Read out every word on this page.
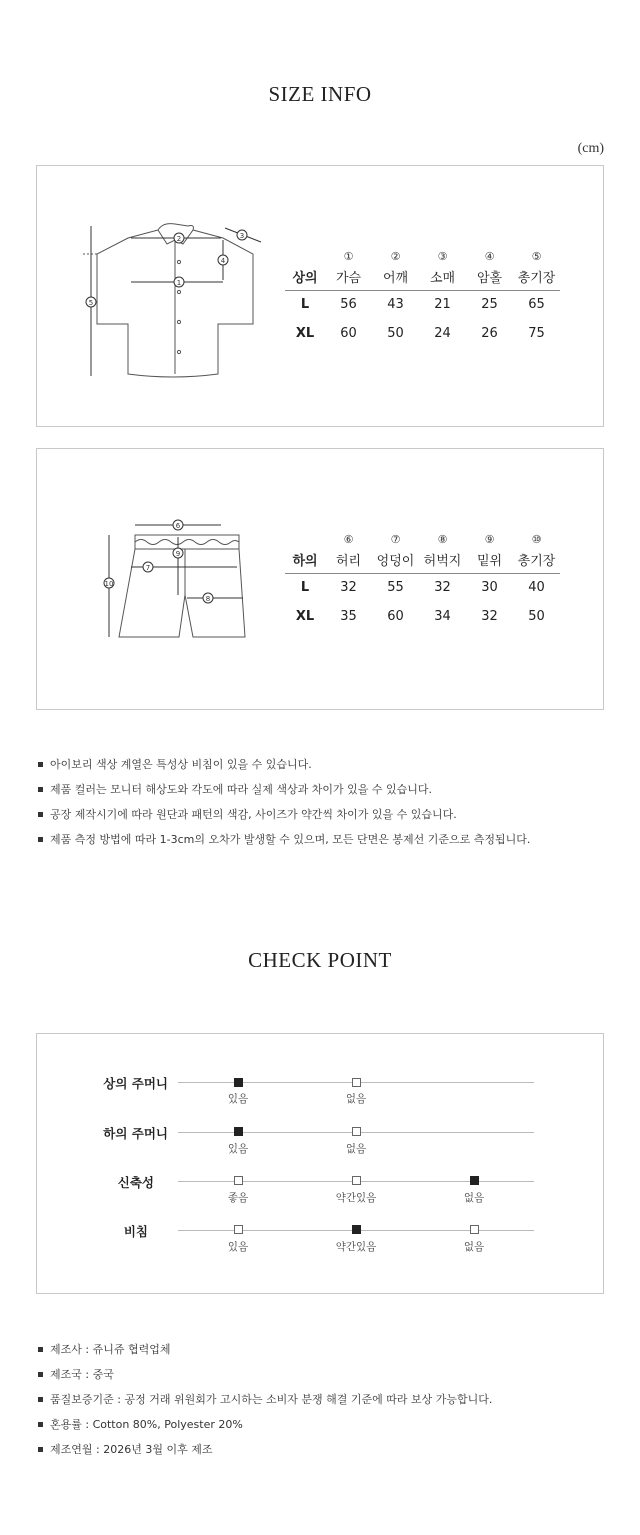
SIZE INFO
(cm)
1
2	3
4
5
	①	②	③	④	⑤
상의	가슴	어깨	소매	암홀	총기장
L	56	43	21	25	65
XL	60	50	24	26	75
6
7
8
9
10
	⑥	⑦	⑧	⑨	⑩
하의	허리	엉덩이	허벅지	밑위	총기장
L	32	55	32	30	40
XL	35	60	34	32	50
아이보리 색상 계열은 특성상 비침이 있을 수 있습니다.
제품 컬러는 모니터 해상도와 각도에 따라 실제 색상과 차이가 있을 수 있습니다.
공장 제작시기에 따라 원단과 패턴의 색감, 사이즈가 약간씩 차이가 있을 수 있습니다.
제품 측정 방법에 따라 1-3cm의 오차가 발생할 수 있으며, 모든 단면은 봉제선 기준으로 측정됩니다.
CHECK POINT
상의 주머니
있음	없음
하의 주머니
있음	없음
신축성
좋음	약간있음	없음
비침
있음	약간있음	없음
제조사 : 쥬니쥬 협력업체
제조국 : 중국
품질보증기준 : 공정 거래 위원회가 고시하는 소비자 분쟁 해결 기준에 따라 보상 가능합니다.
혼용률 : Cotton 80%, Polyester 20%
제조연월 : 2026년 3월 이후 제조
